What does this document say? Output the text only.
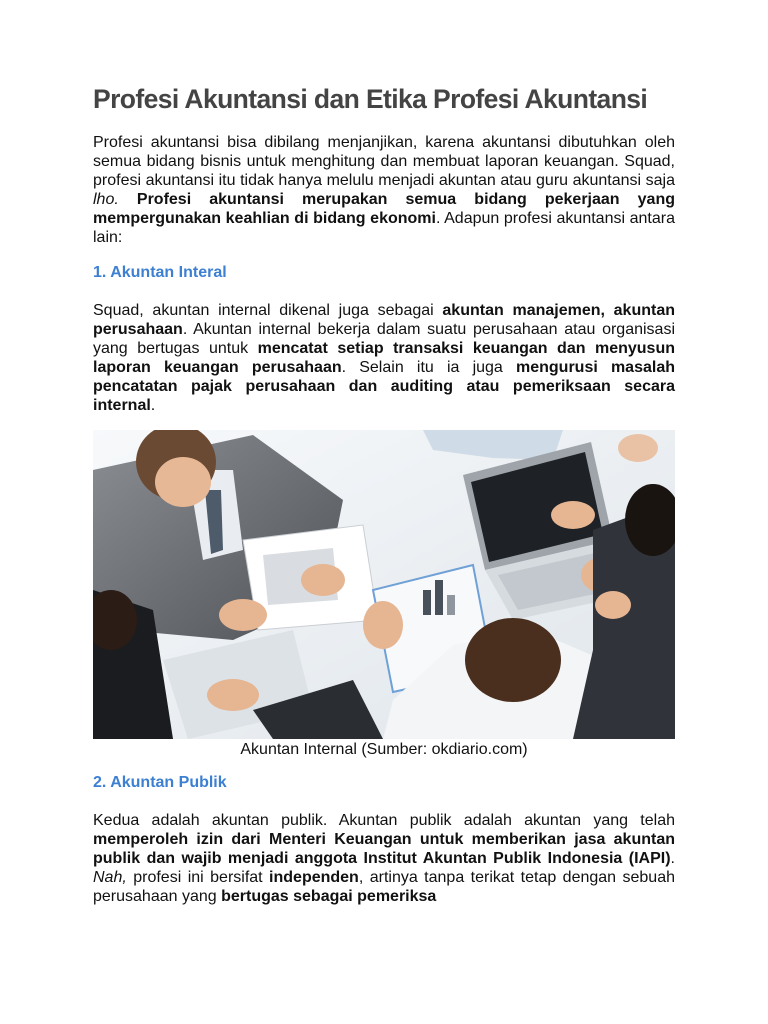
Profesi Akuntansi dan Etika Profesi Akuntansi

Profesi akuntansi bisa dibilang menjanjikan, karena akuntansi dibutuhkan oleh semua bidang bisnis untuk menghitung dan membuat laporan keuangan. Squad, profesi akuntansi itu tidak hanya melulu menjadi akuntan atau guru akuntansi saja lho. Profesi akuntansi merupakan semua bidang pekerjaan yang mempergunakan keahlian di bidang ekonomi. Adapun profesi akuntansi antara lain:

1. Akuntan Interal

Squad, akuntan internal dikenal juga sebagai akuntan manajemen, akuntan perusahaan. Akuntan internal bekerja dalam suatu perusahaan atau organisasi yang bertugas untuk mencatat setiap transaksi keuangan dan menyusun laporan keuangan perusahaan. Selain itu ia juga mengurusi masalah pencatatan pajak perusahaan dan auditing atau pemeriksaan secara internal.

Akuntan Internal (Sumber: okdiario.com)
2. Akuntan Publik

Kedua adalah akuntan publik. Akuntan publik adalah akuntan yang telah memperoleh izin dari Menteri Keuangan untuk memberikan jasa akuntan publik dan wajib menjadi anggota Institut Akuntan Publik Indonesia (IAPI). Nah, profesi ini bersifat independen, artinya tanpa terikat tetap dengan sebuah perusahaan yang bertugas sebagai pemeriksa
